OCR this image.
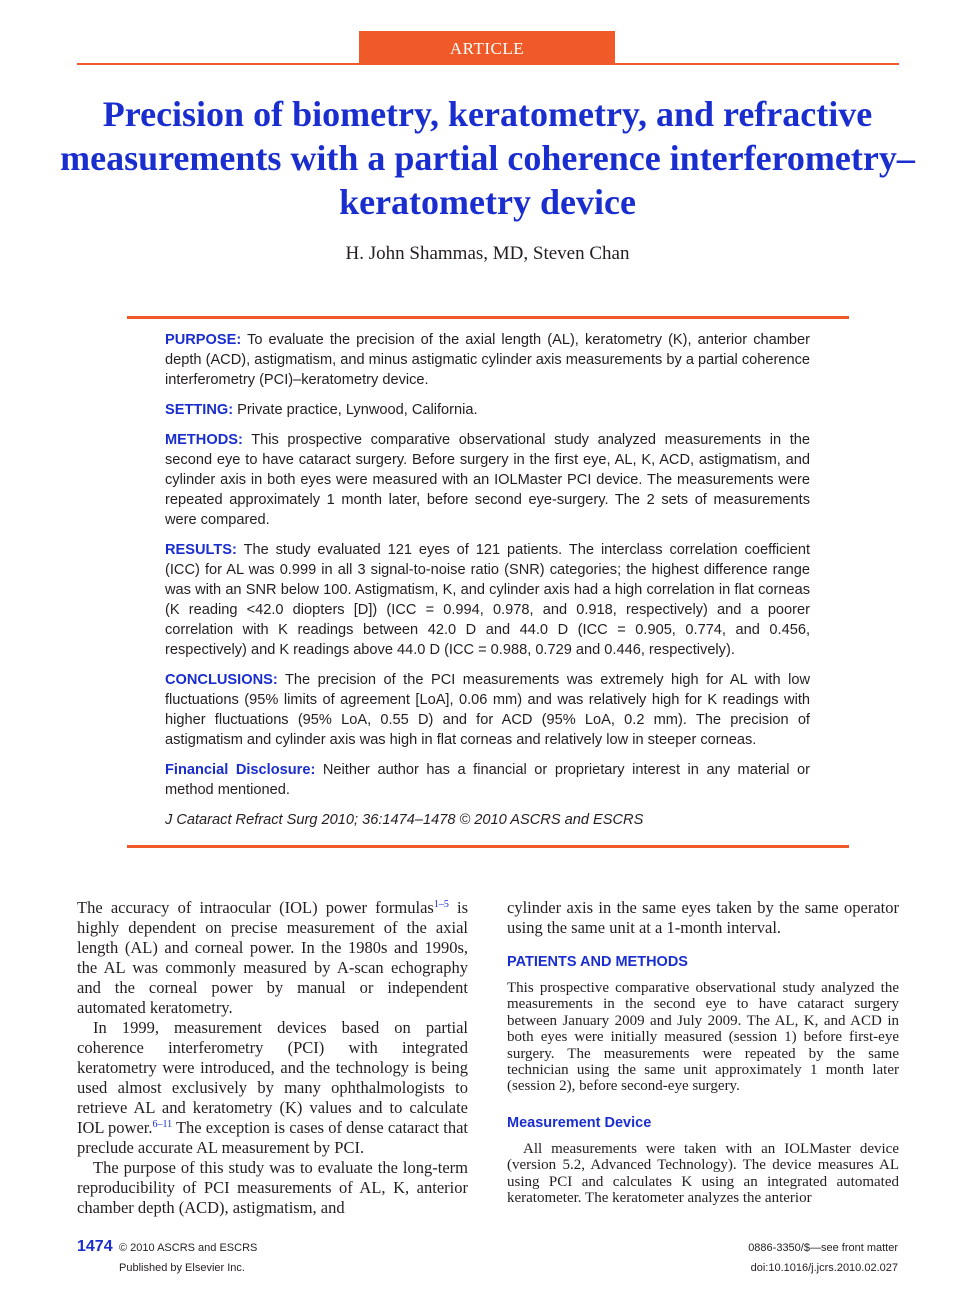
ARTICLE
Precision of biometry, keratometry, and refractive measurements with a partial coherence interferometry–keratometry device
H. John Shammas, MD, Steven Chan

PURPOSE: To evaluate the precision of the axial length (AL), keratometry (K), anterior chamber depth (ACD), astigmatism, and minus astigmatic cylinder axis measurements by a partial coherence interferometry (PCI)–keratometry device.

SETTING: Private practice, Lynwood, California.

METHODS: This prospective comparative observational study analyzed measurements in the second eye to have cataract surgery. Before surgery in the first eye, AL, K, ACD, astigmatism, and cylinder axis in both eyes were measured with an IOLMaster PCI device. The measurements were repeated approximately 1 month later, before second eye-surgery. The 2 sets of measurements were compared.

RESULTS: The study evaluated 121 eyes of 121 patients. The interclass correlation coefficient (ICC) for AL was 0.999 in all 3 signal-to-noise ratio (SNR) categories; the highest difference range was with an SNR below 100. Astigmatism, K, and cylinder axis had a high correlation in flat corneas (K reading <42.0 diopters [D]) (ICC = 0.994, 0.978, and 0.918, respectively) and a poorer correlation with K readings between 42.0 D and 44.0 D (ICC = 0.905, 0.774, and 0.456, respectively) and K readings above 44.0 D (ICC = 0.988, 0.729 and 0.446, respectively).

CONCLUSIONS: The precision of the PCI measurements was extremely high for AL with low fluctuations (95% limits of agreement [LoA], 0.06 mm) and was relatively high for K readings with higher fluctuations (95% LoA, 0.55 D) and for ACD (95% LoA, 0.2 mm). The precision of astigmatism and cylinder axis was high in flat corneas and relatively low in steeper corneas.

Financial Disclosure: Neither author has a financial or proprietary interest in any material or method mentioned.

J Cataract Refract Surg 2010; 36:1474–1478 © 2010 ASCRS and ESCRS

The accuracy of intraocular (IOL) power formulas$^{1-5}$ is highly dependent on precise measurement of the axial length (AL) and corneal power. In the 1980s and 1990s, the AL was commonly measured by A-scan echography and the corneal power by manual or independent automated keratometry.

In 1999, measurement devices based on partial coherence interferometry (PCI) with integrated keratometry were introduced, and the technology is being used almost exclusively by many ophthalmologists to retrieve AL and keratometry (K) values and to calculate IOL power.$^{6-11}$ The exception is cases of dense cataract that preclude accurate AL measurement by PCI.

The purpose of this study was to evaluate the long-term reproducibility of PCI measurements of AL, K, anterior chamber depth (ACD), astigmatism, and

cylinder axis in the same eyes taken by the same operator using the same unit at a 1-month interval.

PATIENTS AND METHODS

This prospective comparative observational study analyzed the measurements in the second eye to have cataract surgery between January 2009 and July 2009. The AL, K, and ACD in both eyes were initially measured (session 1) before first-eye surgery. The measurements were repeated by the same technician using the same unit approximately 1 month later (session 2), before second-eye surgery.

Measurement Device

All measurements were taken with an IOLMaster device (version 5.2, Advanced Technology). The device measures AL using PCI and calculates K using an integrated automated keratometer. The keratometer analyzes the anterior

1474 © 2010 ASCRS and ESCRS
Published by Elsevier Inc.
0886-3350/$—see front matter
doi:10.1016/j.jcrs.2010.02.027
